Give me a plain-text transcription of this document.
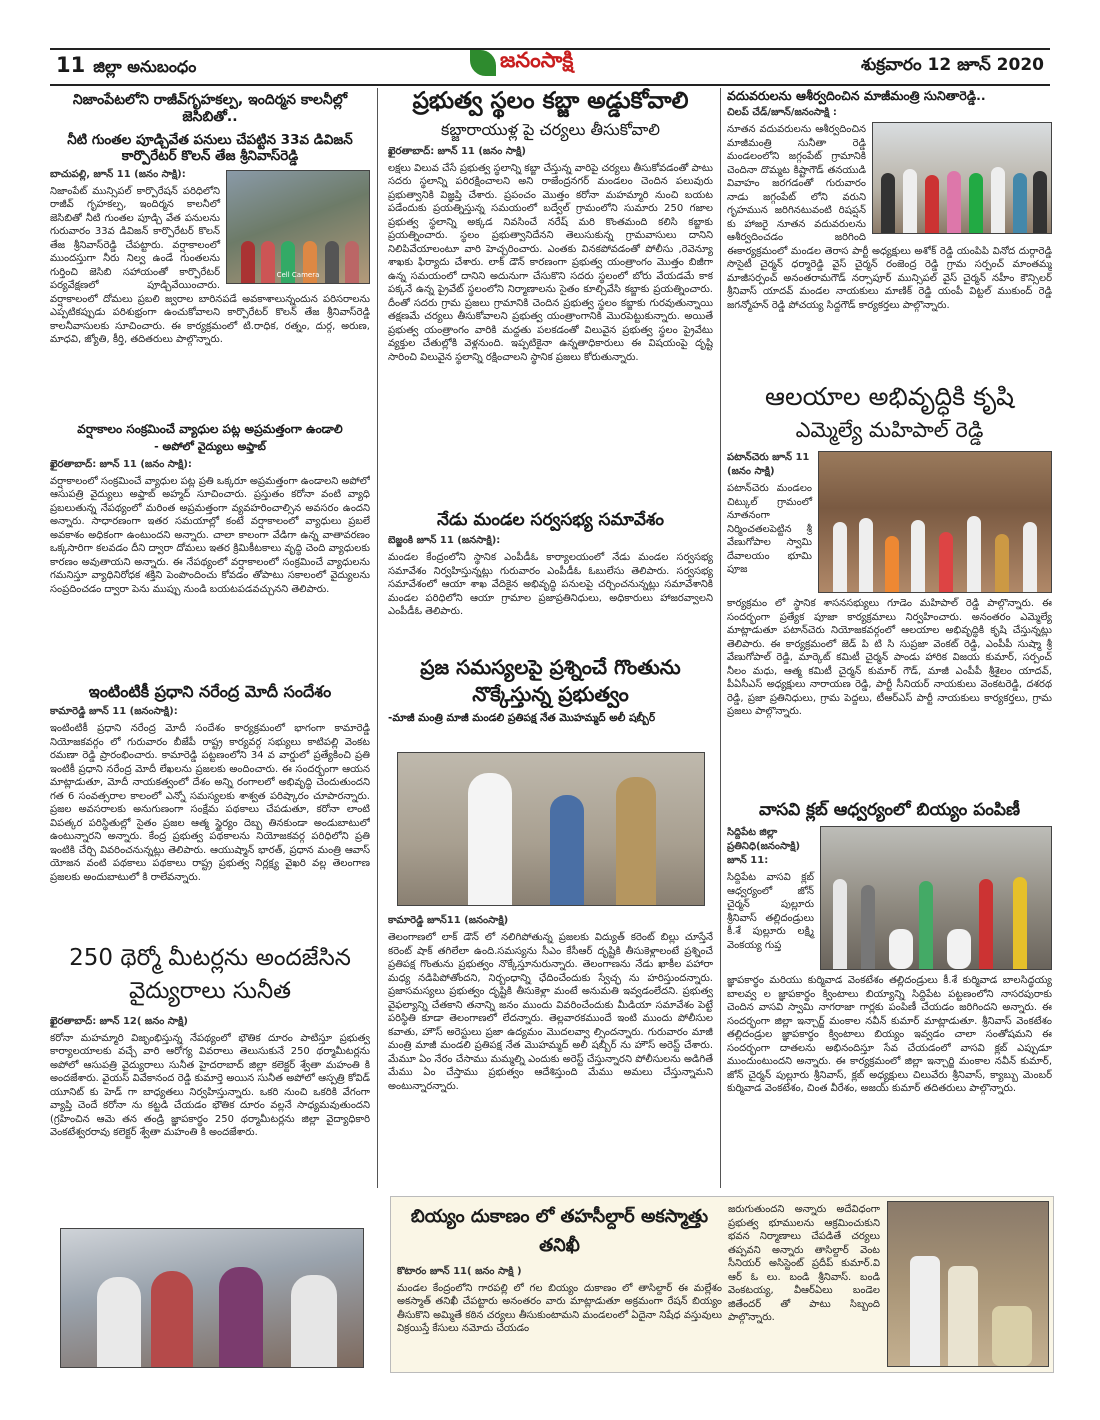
11 జిల్లా అనుబంధం	జనంసాక్షి	శుక్రవారం 12 జూన్ 2020
నిజాంపేటలోని రాజీవ్‌గృహకల్ప, ఇందిర్మన కాలనీల్లో జెసిబితో..
నీటి గుంతల పూడ్చివేత పనులు చేపట్టిన 33వ డివిజన్ కార్పొరేటర్ కొలన్ తేజ శ్రీనివాస్‌రెడ్డి
Cell Camera
బాచుపల్లి, జూన్ 11 (జనం సాక్షి):
నిజాంపేట్ మున్సిపల్ కార్పొరేషన్ పరిధిలోని రాజీవ్ గృహకల్ప, ఇందిర్మన కాలనీలో జెసిబితో నీటి గుంతల పూడ్చి వేత పనులను గురువారం 33వ డివిజన్ కార్పొరేటర్ కొలన్ తేజ శ్రీనివాస్‌రెడ్డి చేపట్టారు. వర్షాకాలంలో ముందస్తుగా నీరు నిల్వ ఉండే గుంతలను గుర్తించి జెసిబి సహాయంతో కార్పొరేటర్ పర్యవేక్షణలో పూడ్చివేయించారు. వర్షాకాలంలో దోమలు ప్రబలి జ్వరాల బారినపడే అవకాశాలున్నందున పరిసరాలను ఎప్పటికప్పుడు పరిశుభ్రంగా ఉంచుకోవాలని కార్పొరేటర్ కొలన్ తేజ శ్రీనివాస్‌రెడ్డి కాలనీవాసులకు సూచించారు. ఈ కార్యక్రమంలో టి.రాధిక, రత్నం, దుర్గ, అరుణ, మాధవి, జ్యోతి, కీర్తి, తదితరులు పాల్గొన్నారు.
వర్షాకాలం సంక్రమించే వ్యాధుల పట్ల అప్రమత్తంగా ఉండాలి
- అపోలో వైద్యులు అఫ్తాబ్
ఖైరతాబాద్: జూన్ 11 (జనం సాక్షి):
వర్షాకాలంలో సంక్రమించే వ్యాధుల పట్ల ప్రతి ఒక్కరూ అప్రమత్తంగా ఉండాలని అపోలో ఆసుపత్రి వైద్యులు అఫ్తాబ్ అహ్మద్ సూచించారు. ప్రస్తుతం కరోనా వంటి వ్యాధి ప్రబలుతున్న నేపథ్యంలో మరింత అప్రమత్తంగా వ్యవహరించాల్సిన అవసరం ఉందని అన్నారు. సాధారణంగా ఇతర సమయాల్లో కంటే వర్షాకాలంలో వ్యాధులు ప్రబలే అవకాశం అధికంగా ఉంటుందని అన్నారు. చాలా కాలంగా వేడిగా ఉన్న వాతావరణం ఒక్కసారిగా కలవడం దీని ద్వారా దోమలు ఇతర క్రిమికీటకాలు వృద్ధి చెంది వ్యాధులకు కారణం అవుతాయని అన్నారు. ఈ నేపథ్యంలో వర్షాకాలంలో సంక్రమించే వ్యాధులను గమనిస్తూ వ్యాధినిరోధక శక్తిని పెంపొందించు కోవడం తోపాటు సకాలంలో వైద్యులను సంప్రదించడం ద్వారా పెను ముప్పు నుండి బయటపడవచ్చునని తెలిపారు.
ఇంటింటికీ ప్రధాని నరేంద్ర మోదీ సందేశం
కామారెడ్డి జూన్ 11 (జనంసాక్షి):
ఇంటింటికీ ప్రధాని నరేంద్ర మోదీ సందేశం కార్యక్రమంలో భాగంగా కామారెడ్డి నియోజకవర్గం లో గురువారం బీజేపీ రాష్ట్ర కార్యవర్గ సభ్యులు కాటిపల్లి వెంకట రమణా రెడ్డి ప్రారంభించారు. కామారెడ్డి పట్టణంలోని 34 వ వార్డులో ప్రత్యేకించి ప్రతి ఇంటికీ ప్రధాని నరేంద్ర మోదీ లేఖలను ప్రజలకు అందించారు. ఈ సందర్భంగా ఆయన మాట్లాడుతూ, మోదీ నాయకత్వంలో దేశం అన్ని రంగాలలో అభివృద్ధి చెందుతుందని గత 6 సంవత్సరాల కాలంలో ఎన్నో సమస్యలకు శాశ్వత పరిష్కారం చూపారన్నారు. ప్రజల అవసరాలకు అనుగుణంగా సంక్షేమ పథకాలు చేపడుతూ, కరోనా లాంటి విపత్కర పరిస్థితుల్లో సైతం ప్రజల ఆత్మ స్థైర్యం దెబ్బ తినకుండా అండుబాటులో ఉంటున్నారని అన్నారు. కేంద్ర ప్రభుత్వ పథకాలను నియోజకవర్గ పరిధిలోని ప్రతి ఇంటికి చేర్చి వివరించనున్నట్లు తెలిపారు. ఆయుష్మాన్ భారత్, ప్రధాన మంత్రి ఆవాస్ యోజన వంటి పథకాలు పథకాలు రాష్ట్ర ప్రభుత్వ నిర్లక్ష్య వైఖరి వల్ల తెలంగాణ ప్రజలకు అందుబాటులో కి రాలేవన్నారు.
250 థెర్మో మీటర్లను అందజేసిన వైద్యురాలు సునీత
ఖైరతాబాద్: జూన్ 12( జనం సాక్షి)
కరోనా మహమ్మారి విజృంభిస్తున్న నేపథ్యంలో భౌతిక దూరం పాటిస్తూ ప్రభుత్వ కార్యాలయాలకు వచ్చే వారి ఆరోగ్య వివరాలు తెలుసుకునే 250 థర్మామీటర్లను అపోలో ఆసుపత్రి వైద్యురాలు సునీత హైదరాబాద్ జిల్లా కలెక్టర్ శ్వేతా మహంతి కి అందజేశారు. వైయస్ వివేకానంద రెడ్డి కుమార్తె అయిన సునీత అపోలో ఆస్పత్రి కోవిడ్ యూనిట్ కు హెడ్ గా బాధ్యతలు నిర్వహిస్తున్నారు. ఒకరి నుంచి ఒకరికి వేగంగా వ్యాప్తి చెందే కరోనా ను కట్టడి చేయడం భౌతిక దూరం వల్లనే సాధ్యమవుతుందని (గ్రహించిన ఆమె తన తండ్రి జ్ఞాపకార్థం 250 థర్మామీటర్లను జిల్లా వైద్యాధికారి వెంకటేశ్వరరావు కలెక్టర్ శ్వేతా మహంతి కి అందజేశారు.
ప్రభుత్వ స్థలం కబ్జా అడ్డుకోవాలి
కబ్జారాయుళ్ల పై చర్యలు తీసుకోవాలి
ఖైరతాబాద్: జూన్ 11 (జనం సాక్షి)
లక్షలు విలువ చేసే ప్రభుత్వ స్థలాన్ని కబ్జా చేస్తున్న వారిపై చర్యలు తీసుకోవడంతో పాటు సదరు స్థలాన్ని పరిరక్షించాలని అని రాజేంద్రనగర్ మండలం చెందిన పలువురు ప్రభుత్వానికి విజ్ఞప్తి చేశారు. ప్రపంచం మొత్తం కరోనా మహమ్మారి నుంచి బయట పడేందుకు ప్రయత్నిస్తున్న సమయంలో బద్వేల్ గ్రామంలోని సుమారు 250 గజాల ప్రభుత్వ స్థలాన్ని అక్కడ నివసించే నరేష్ మరి కొంతమంది కలిసి కబ్జాకు ప్రయత్నించారు. స్థలం ప్రభుత్వానిదేనని తెలుసుకున్న గ్రామవాసులు దానిని నిలిపివేయాలంటూ వారి హెచ్చరించారు. ఎంతకు వినకపోవడంతో పోలీసు ,రెవెన్యూ శాఖకు ఫిర్యాదు చేశారు. లాక్ డౌన్ కారణంగా ప్రభుత్వ యంత్రాంగం మొత్తం బిజీగా ఉన్న సమయంలో దానిని అదునుగా చేసుకొని సదరు స్థలంలో బోరు వేయడమే కాక పక్కనే ఉన్న ప్రైవేట్ స్థలంలోని నిర్మాణాలను సైతం కూల్చివేసి కబ్జాకు ప్రయత్నించారు. దీంతో సదరు గ్రామ ప్రజలు గ్రామానికి చెందిన ప్రభుత్వ స్థలం కబ్జాకు గురవుతున్నాయి తక్షణమే చర్యలు తీసుకోవాలని ప్రభుత్వ యంత్రాంగానికి మొరపెట్టుకున్నారు. అయితే ప్రభుత్వ యంత్రాంగం వారికి మద్దతు పలకడంతో విలువైన ప్రభుత్వ స్థలం ప్రైవేటు వ్యక్తుల చేతుల్లోకి వెళ్లనుంది. ఇప్పటికైనా ఉన్నతాధికారులు ఈ విషయంపై దృష్టి సారించి విలువైన స్థలాన్ని రక్షించాలని స్థానిక ప్రజలు కోరుతున్నారు.
నేడు మండల సర్వసభ్య సమావేశం
బెజ్జంకి జూన్ 11 (జనసాక్షి):
మండల కేంద్రంలోని స్థానిక ఎంపీడీఓ కార్యాలయంలో నేడు మండల సర్వసభ్య సమావేశం నిర్వహిస్తున్నట్లు గురువారం ఎంపీడీఓ ఓబులేసు తెలిపారు. సర్వసభ్య సమావేశంలో ఆయా శాఖ వేదికైన అభివృద్ధి పనులపై చర్చించనున్నట్లు సమావేశానికి మండల పరిధిలోని ఆయా గ్రామాల ప్రజాప్రతినిధులు, అధికారులు హాజరవ్వాలని ఎంపీడీఓ తెలిపారు.
ప్రజ సమస్యలపై ప్రశ్నించే గొంతును నొక్కేస్తున్న ప్రభుత్వం
-మాజీ మంత్రి మాజీ మండలి ప్రతిపక్ష నేత మొహమ్మద్ అలీ షబ్బీర్
కామారెడ్డి జూన్11 (జనంసాక్షి)
తెలంగాణలో లాక్ డౌన్ లో నలిగిపోతున్న ప్రజలకు విద్యుత్ కరెంట్ బిల్లు చూస్తేనే కరెంట్ షాక్ తగిలేలా ఉంది.సమస్యను సీఎం కేసీఆర్ దృష్టికి తీసుకెళ్లాలంటే ప్రశ్నించే ప్రతిపక్ష గొంతును ప్రభుత్వం నొక్కేస్తూనురున్నారు. తెలంగాణను నేడు ఖాకీల పహారా మధ్య నడిపిపోతోందని, నిర్బంధాన్ని ఛేదించేందుకు స్వేచ్ఛ ను హరిస్తుందన్నారు. ప్రజాసమస్యలు ప్రభుత్వం దృష్టికి తీసుకెళ్లా మంటే అనుమతి ఇవ్వడంలేదని. ప్రభుత్వ వైఫల్యాన్ని చేతకాని తనాన్ని జనం ముందు వివరించేందుకు మీడియా సమావేశం పెట్టే పరిస్థితి కూడా తెలంగాణలో లేదన్నారు. తెల్లవారకముందే ఇంటి ముందు పోలీసుల కవాతు, హౌస్ అరెస్టులు ప్రజా ఉద్యమం మొదలవ్వా ల్సిందన్నారు. గురువారం మాజీ మంత్రి మాజీ మండలి ప్రతిపక్ష నేత మొహమ్మద్ అలీ షబ్బీర్ ను హౌస్ అరెస్ట్ చేశారు. మేమూ ఏం నేరం చేసాము మమ్మల్ని ఎందుకు అరెస్ట్ చేస్తున్నారని పోలీసులను అడిగితే మేము ఏం చేస్తాము ప్రభుత్వం ఆదేశిస్తుంది మేము అమలు చేస్తున్నామని అంటున్నారన్నారు.
వదువరులను ఆశీర్వదించిన మాజీమంత్రి సునితారెడ్డి..
చిలప్ చేడ్/జూన్/జనంసాక్షి :
నూతన వదువరులను ఆశీర్వదించిన మాజీమంత్రి సునీతా రెడ్డి మండలంలోని జగ్గంపేట్ గ్రామానికి చెందినా దొమ్మట కిష్టాగౌడ్ తనయుడి వివాహం జరగడంతో గురువారం నాడు జగ్గంపేట్ లోని వరుని గృహమున జరిగినటువంటి రిషప్షన్ కు హాజరై నూతన వదువరులను ఆశీర్వదించడం జరిగింది ఈకార్యక్రమంలో మండల తెరాస పార్టీ అధ్యక్షులు అశోక్ రెడ్డి యంపిపి వినోద దుర్గారెడ్డి సొసైటీ చైర్మన్ ధర్మారెడ్డి వైస్ చైర్మన్ రంజెంద్ర రెడ్డి గ్రామ సర్పంచ్ మాంతమ్మ మాజీసర్పంచ్ అనంతరామగౌడ్ నర్సాపూర్ మున్సిపల్ వైస్ చైర్మన్ నహీం కౌన్సిలర్ శ్రీనివాస్ యాదవ్ మండల నాయకులు మాణిక్ రెడ్డి యంపీ విట్టల్ ముకుంద్ రెడ్డి జగన్మోహన్ రెడ్డి పోచయ్య సిద్దగౌడ్ కార్యకర్తలు పాల్గొన్నారు.
ఆలయాల అభివృద్ధికి కృషి
ఎమ్మెల్యే మహిపాల్ రెడ్డి
పటాన్‌చెరు జూన్ 11 (జనం సాక్షి)
పటాన్‌చెరు మండలం చిట్కుల్ గ్రామంలో నూతనంగా నిర్మించతలపెట్టిన శ్రీ వేణుగోపాల స్వామి దేవాలయం భూమి పూజ
కార్యక్రమం లో స్థానిక శాసనసభ్యులు గూడెం మహిపాల్ రెడ్డి పాల్గొన్నారు. ఈ సందర్భంగా ప్రత్యేక పూజా కార్యక్రమాలు నిర్వహించారు. అనంతరం ఎమ్మెల్యే మాట్లాడుతూ పటాన్‌చెరు నియోజకవర్గంలో ఆలయాల అభివృద్ధికి కృషి చేస్తున్నట్లు తెలిపారు. ఈ కార్యక్రమంలో జెడ్ పి టి సి సుప్రజా వెంకట్ రెడ్డి, ఎంపీపీ సుష్మా శ్రీ వేణుగోపాల్ రెడ్డి, మార్కెట్ కమిటీ చైర్మన్ పాండు హారిక విజయ కుమార్, సర్పంచ్ నీలం మధు, ఆత్మ కమిటీ చైర్మన్ కుమార్ గౌడ్, మాజీ ఎంపీపీ శ్రీశైలం యాదవ్, పీఏసీఎస్ అధ్యక్షులు నారాయణ రెడ్డి, పార్టీ సీనియర్ నాయకులు వెంకటరెడ్డి, దశరథ రెడ్డి, ప్రజా ప్రతినిధులు, గ్రామ పెద్దలు, టీఆర్ఎస్ పార్టీ నాయకులు కార్యకర్తలు, గ్రామ ప్రజలు పాల్గొన్నారు.
వాసవి క్లబ్ ఆధ్వర్యంలో బియ్యం పంపిణీ
సిద్దిపేట జిల్లా ప్రతినిధి(జనంసాక్షి) జూన్ 11:
సిద్దిపేట వాసవి క్లబ్ ఆధ్వర్యంలో జోన్ చైర్మన్ పుల్లూరు శ్రీనివాస్ తల్లిదండ్రులు కీ.శే పుల్లూరు లక్ష్మి వెంకయ్య గుప్త
జ్ఞాపకార్థం మరియు కుర్మివాడ వెంకటేశం తల్లిదండ్రులు కీ.శే కుర్మివాడ బాలసిద్ధయ్య బాలవ్వ ల జ్ఞాపకార్థం క్వింటాలు బియ్యాన్ని సిద్దిపేట పట్టణంలోని నాసరపురాకు చెందిన వాసవి స్వామి నాగరాజా గార్లకు పంపిణీ చేయడం జరిగిందని అన్నారు. ఈ సందర్భంగా జిల్లా ఇన్చార్జ్ మంకాల నవీన్ కుమార్ మాట్లాడుతూ. శ్రీనివాస్ వెంకటేశం తల్లిదండ్రుల జ్ఞాపకార్థం క్వింటాలు బియ్యం ఇవ్వడం చాలా సంతోషమని ఈ సందర్భంగా దాతలను అభినందిస్తూ సేవ చేయడంలో వాసవి క్లబ్ ఎప్పుడూ ముందుంటుందని అన్నారు. ఈ కార్యక్రమంలో జిల్లా ఇన్చార్జి మంకాల నవీన్ కుమార్, జోన్ చైర్మన్ పుల్లూరు శ్రీనివాస్, క్లబ్ అధ్యక్షులు చిలువేరు శ్రీనివాస్, క్యాబ్బు మెంబర్ కుర్మివాడ వెంకటేశం, చింత వీరేశం, అజయ్ కుమార్ తదితరులు పాల్గొన్నారు.
బియ్యం దుకాణం లో తహసీల్దార్ అకస్మాత్తు తనిఖీ
కొటారం జూన్ 11( జనం సాక్షి )
మండల కేంద్రంలోని గారపల్లి లో గల బియ్యం దుకాణం లో తాసిల్దార్ ఈ మల్లేశం అకస్మాత్ తనిఖీ చేపట్టారు అనంతరం వారు మాట్లాడుతూ అక్రమంగా రేషన్ బియ్యం తీసుకొని అమ్మితే కఠిన చర్యలు తీసుకుంటామని మండలంలో ఏదైనా నిషేధ వస్తువులు విక్రయిస్తే కేసులు నమోదు చేయడం
జరుగుతుందని అన్నారు అదేవిధంగా ప్రభుత్వ భూములను ఆక్రమించుకుని భవన నిర్మాణాలు చేపడితే చర్యలు తప్పవని అన్నారు తాసిల్దార్ వెంట సీనియర్ అసిస్టెంట్ ప్రదీప్ కుమార్.వి ఆర్ ఓ లు. బండి శ్రీనివాస్. బండి వెంకటయ్య, వీఆర్ఏలు బండెల జితేందర్ తో పాటు సిబ్బంది పాల్గొన్నారు.
